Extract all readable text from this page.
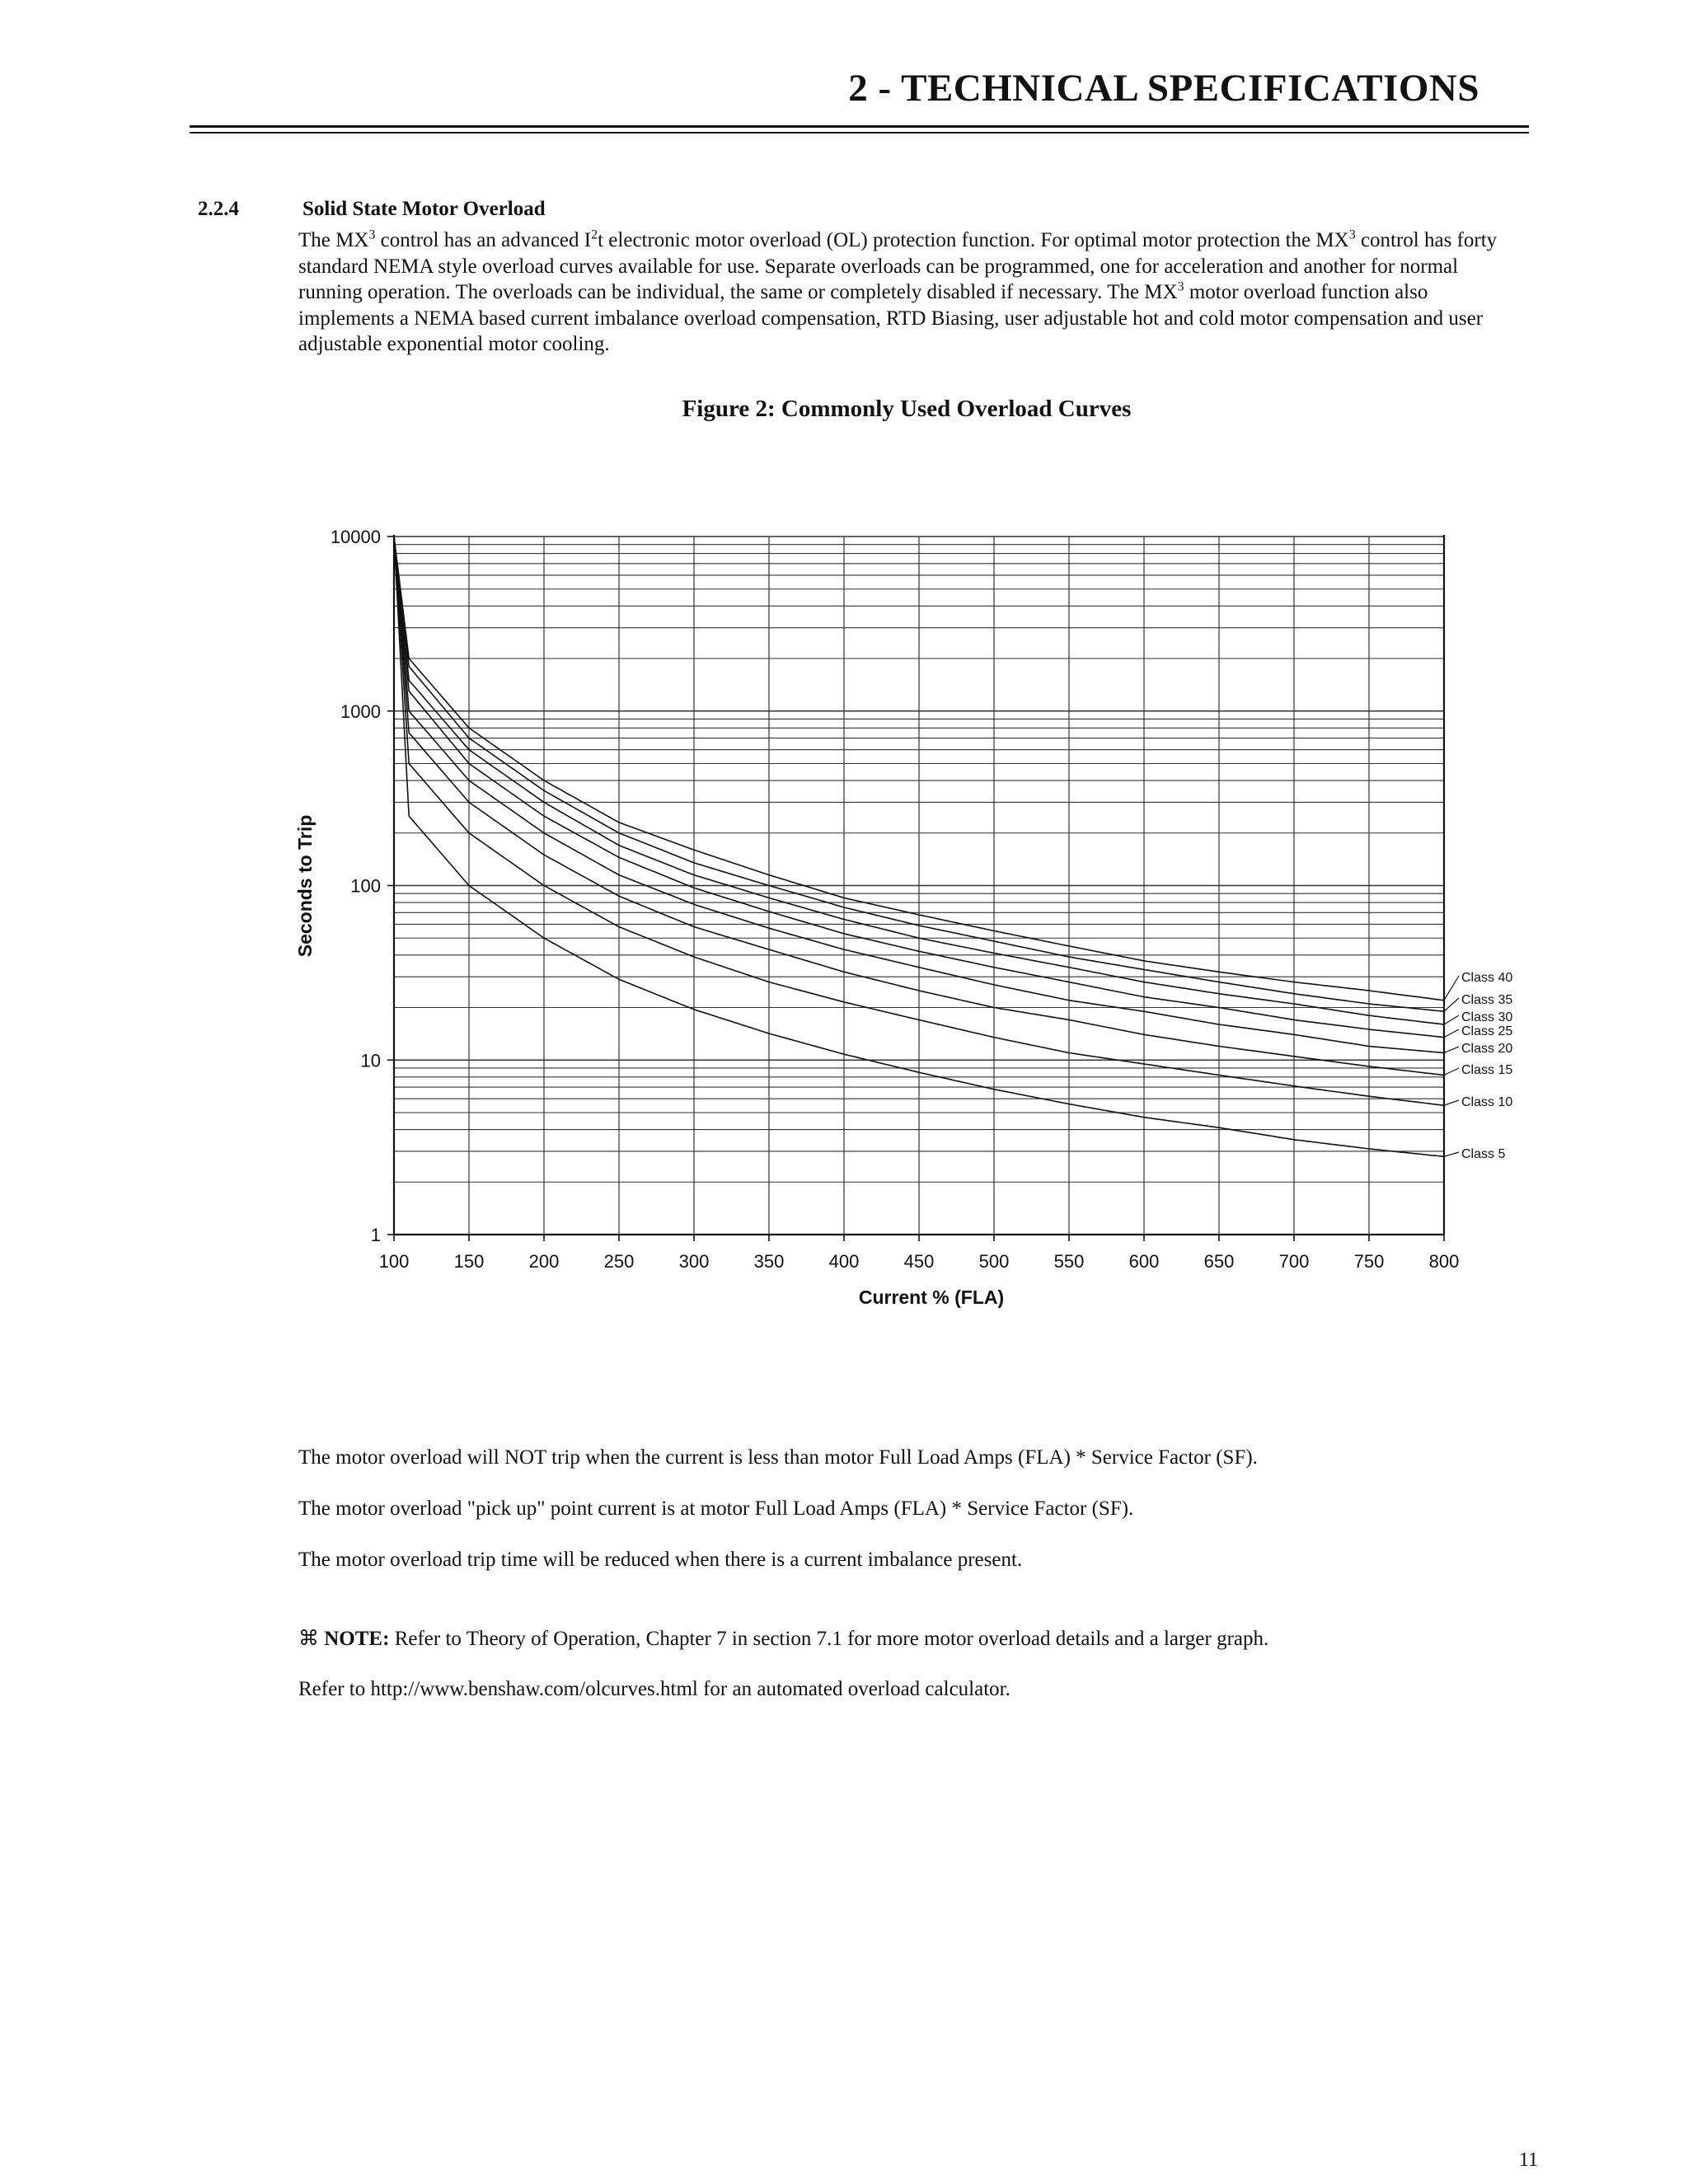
2 - TECHNICAL SPECIFICATIONS
2.2.4	Solid State Motor Overload

The $MX^3$ control has an advanced $I^2t$ electronic motor overload (OL) protection function. For optimal motor protection the $MX^3$ control has forty standard NEMA style overload curves available for use. Separate overloads can be programmed, one for acceleration and another for normal running operation. The overloads can be individual, the same or completely disabled if necessary. The $MX^3$ motor overload function also implements a NEMA based current imbalance overload compensation, RTD Biasing, user adjustable hot and cold motor compensation and user adjustable exponential motor cooling.

Figure 2: Commonly Used Overload Curves
100 150 200 250 300 350 400 450 500 550 600 650 700 750 800
1
10
100
1000
10000
Current % (FLA)
Seconds to Trip
Class 40
Class 35
Class 30
Class 25
Class 20
Class 15
Class 10
Class 5

The motor overload will NOT trip when the current is less than motor Full Load Amps (FLA) * Service Factor (SF).

The motor overload "pick up" point current is at motor Full Load Amps (FLA) * Service Factor (SF).

The motor overload trip time will be reduced when there is a current imbalance present.

⌘ NOTE: Refer to Theory of Operation, Chapter 7 in section 7.1 for more motor overload details and a larger graph.

Refer to http://www.benshaw.com/olcurves.html for an automated overload calculator.

11
